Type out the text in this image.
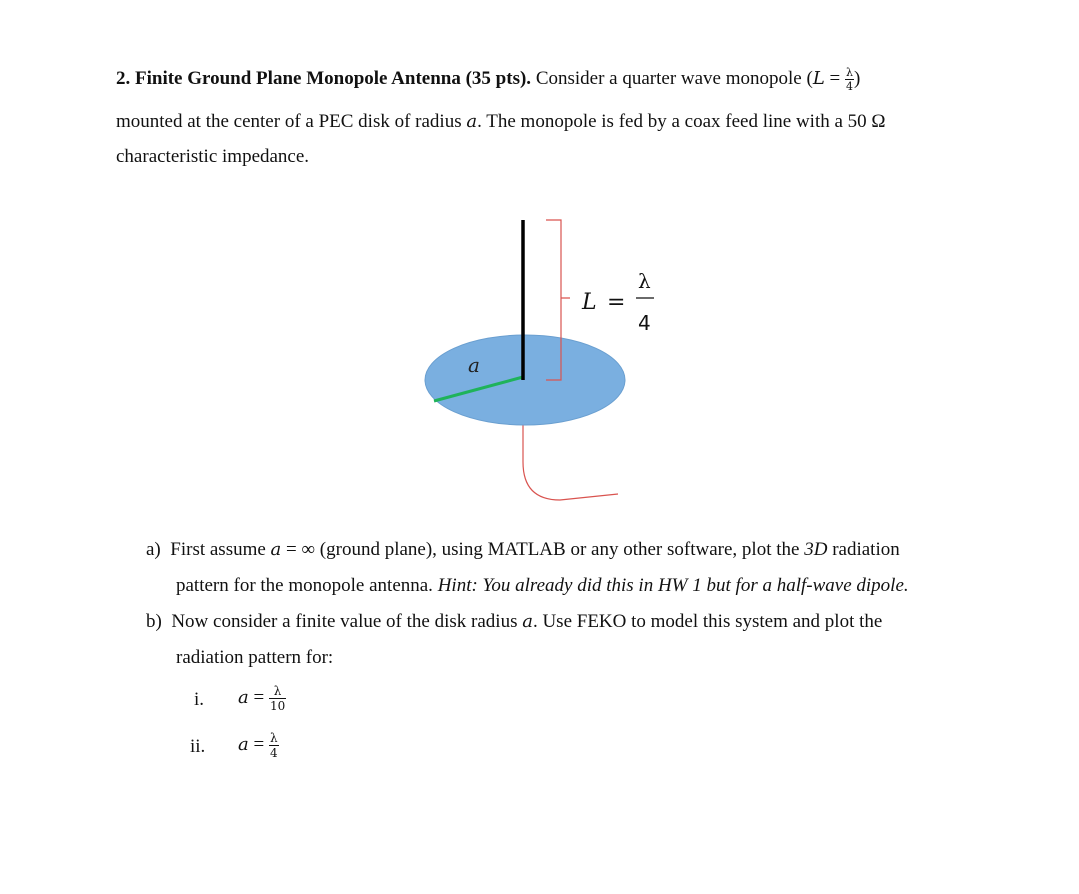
2. Finite Ground Plane Monopole Antenna (35 pts). Consider a quarter wave monopole ($L = \frac{\lambda}{4}$ )
mounted at the center of a PEC disk of radius a. The monopole is fed by a coax feed line with a 50 Ω
characteristic impedance.
a
L =
λ
4
a) First assume a = ∞ (ground plane), using MATLAB or any other software, plot the 3D radiation
pattern for the monopole antenna. Hint: You already did this in HW 1 but for a half-wave dipole.
b) Now consider a finite value of the disk radius a. Use FEKO to model this system and plot the
radiation pattern for:
i. $a = \frac{\lambda}{10}$
ii. $a = \frac{\lambda}{4}$
